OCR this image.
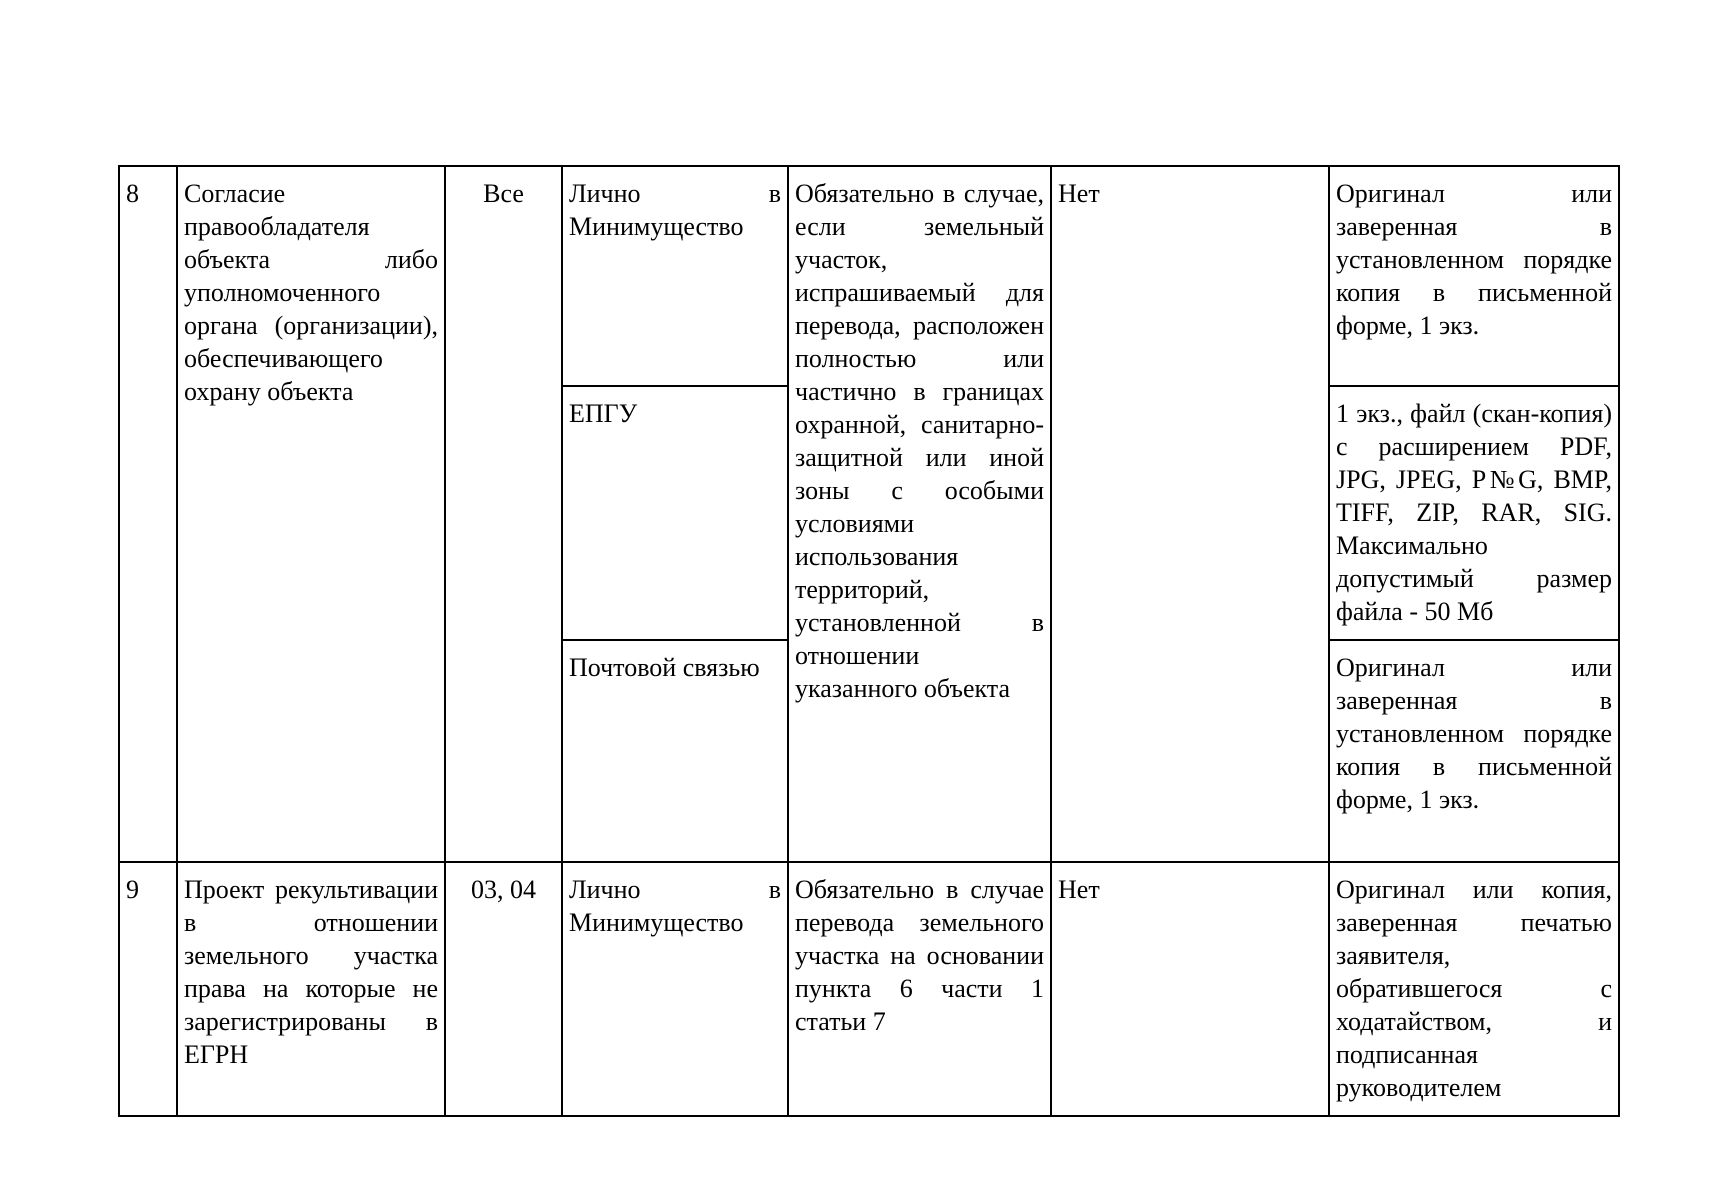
8	Согласие правообладателя объекта либо уполномоченного органа (организации), обеспечивающего охрану объекта	Все	Лично в Минимущество	Обязательно в случае, если земельный участок, испрашиваемый для перевода, расположен полностью или частично в границах охранной, санитарно-защитной или иной зоны с особыми условиями использования территорий, установленной в отношении указанного объекта	Нет	Оригинал или заверенная в установленном порядке копия в письменной форме, 1 экз.
			ЕПГУ			1 экз., файл (скан-копия) с расширением PDF, JPG, JPEG, P№G, BMP, TIFF, ZIP, RAR, SIG. Максимально допустимый размер файла - 50 Мб
			Почтовой связью			Оригинал или заверенная в установленном порядке копия в письменной форме, 1 экз.
9	Проект рекультивации в отношении земельного участка права на которые не зарегистрированы в ЕГРН	03, 04	Лично в Минимущество	Обязательно в случае перевода земельного участка на основании пункта 6 части 1 статьи 7	Нет	Оригинал или копия, заверенная печатью заявителя, обратившегося с ходатайством, и подписанная руководителем
